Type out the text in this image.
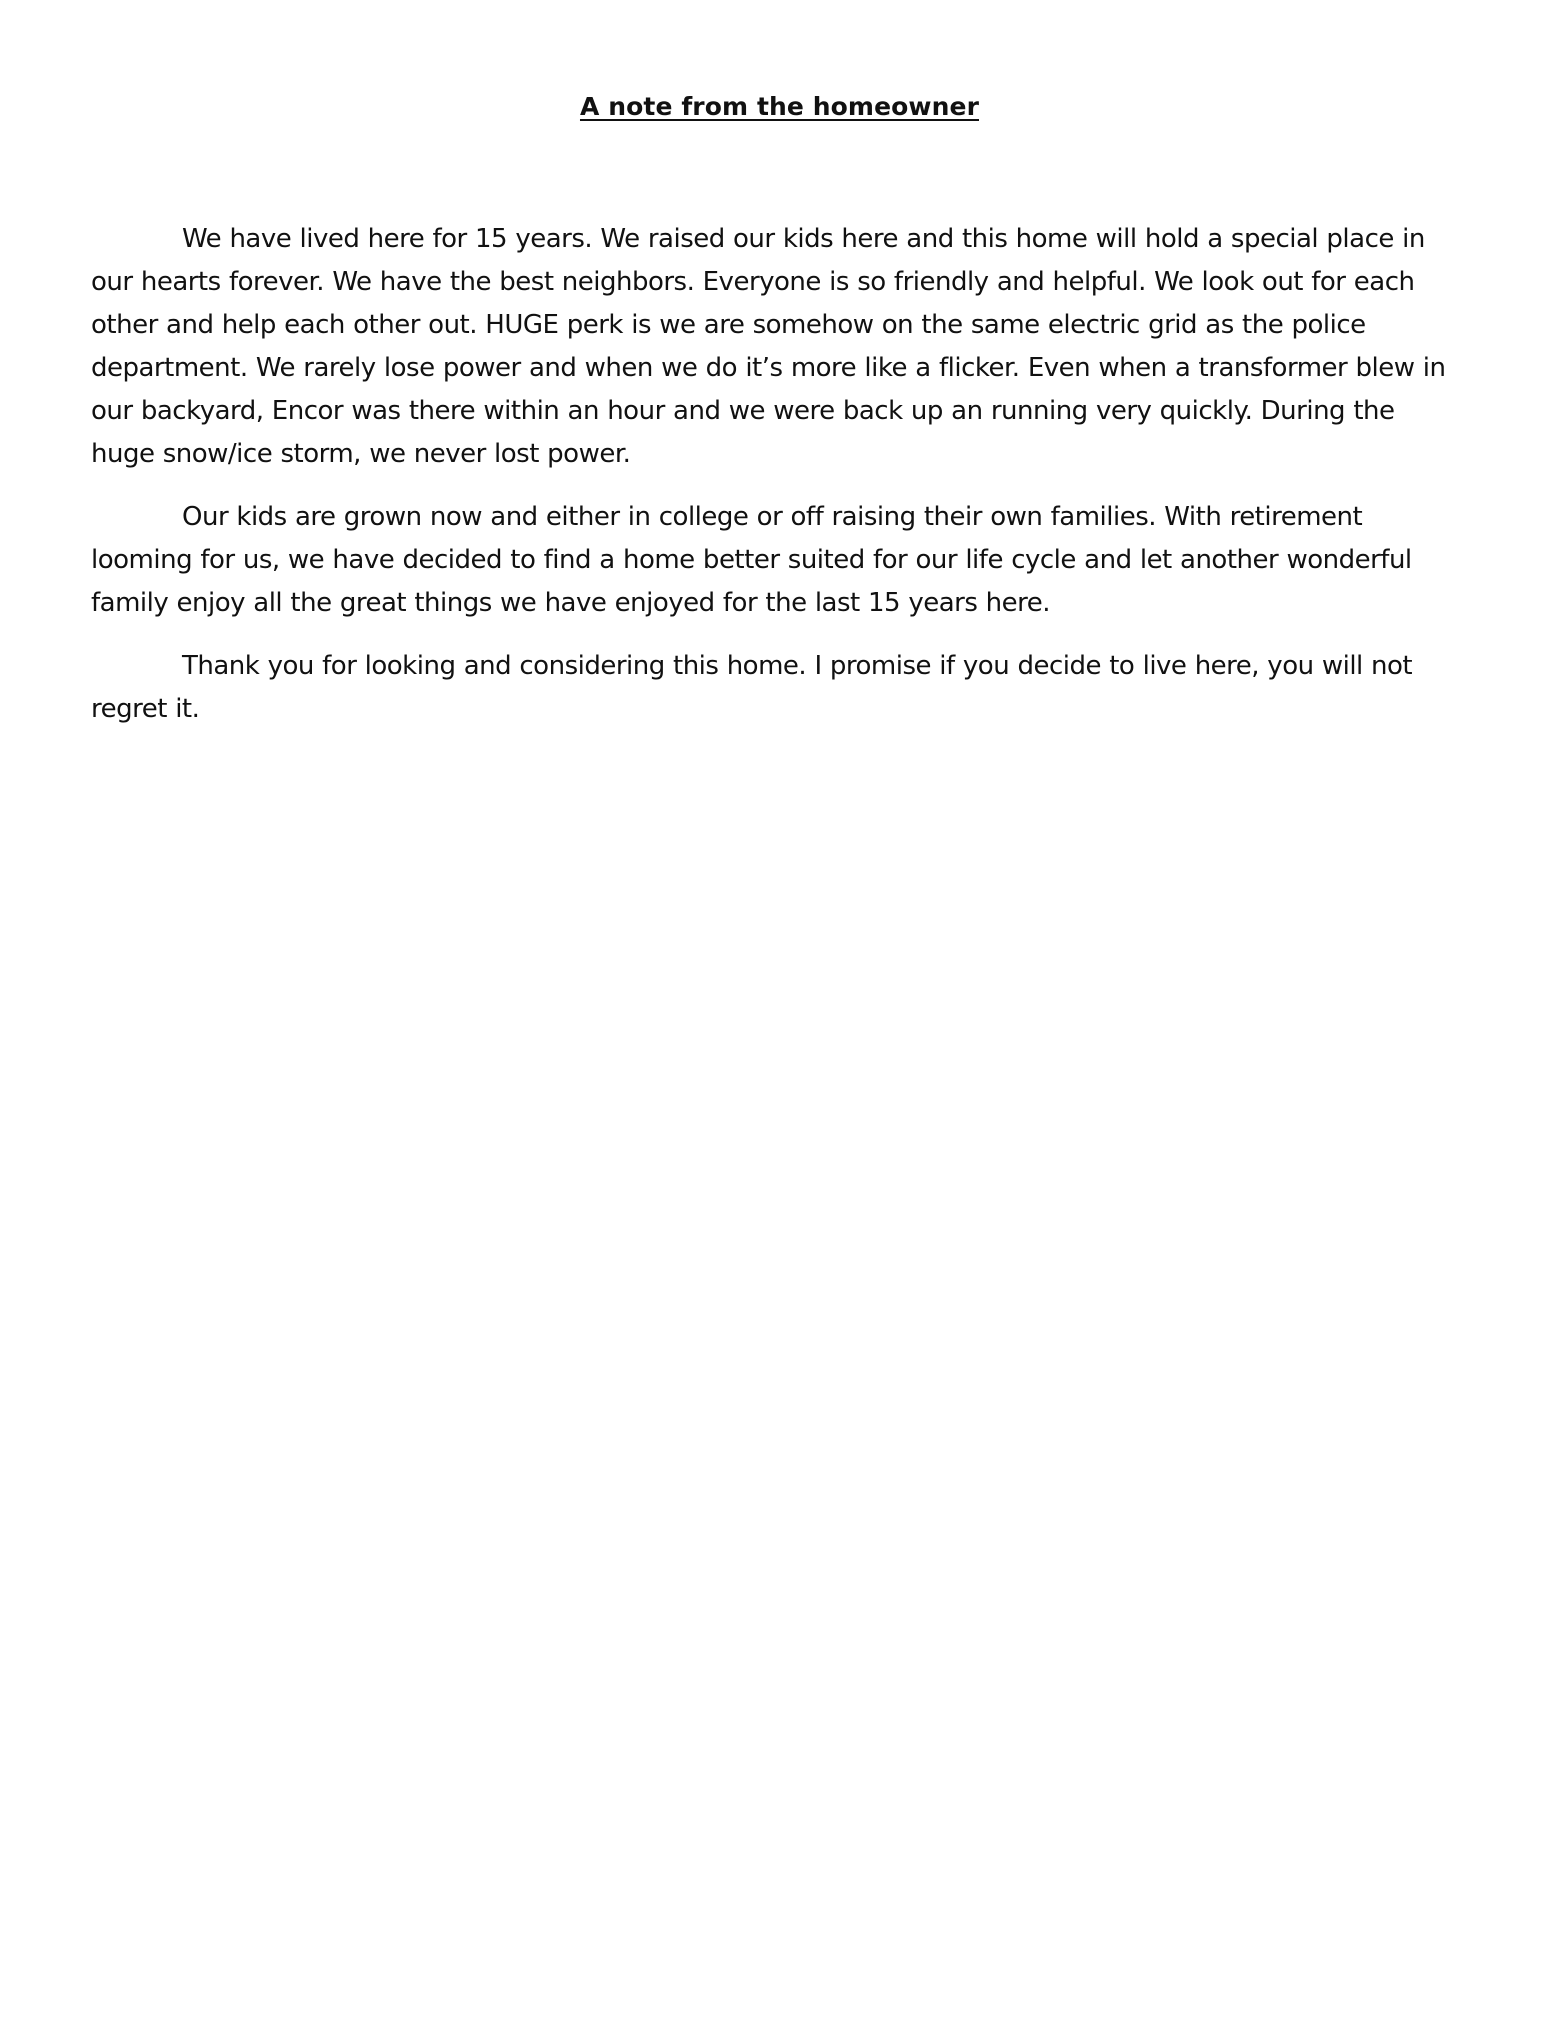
A note from the homeowner

We have lived here for 15 years. We raised our kids here and this home will hold a special place in our hearts forever. We have the best neighbors. Everyone is so friendly and helpful. We look out for each other and help each other out. HUGE perk is we are somehow on the same electric grid as the police department. We rarely lose power and when we do it’s more like a flicker. Even when a transformer blew in our backyard, Encor was there within an hour and we were back up an running very quickly. During the huge snow/ice storm, we never lost power.

Our kids are grown now and either in college or off raising their own families. With retirement looming for us, we have decided to find a home better suited for our life cycle and let another wonderful family enjoy all the great things we have enjoyed for the last 15 years here.

Thank you for looking and considering this home. I promise if you decide to live here, you will not regret it.
